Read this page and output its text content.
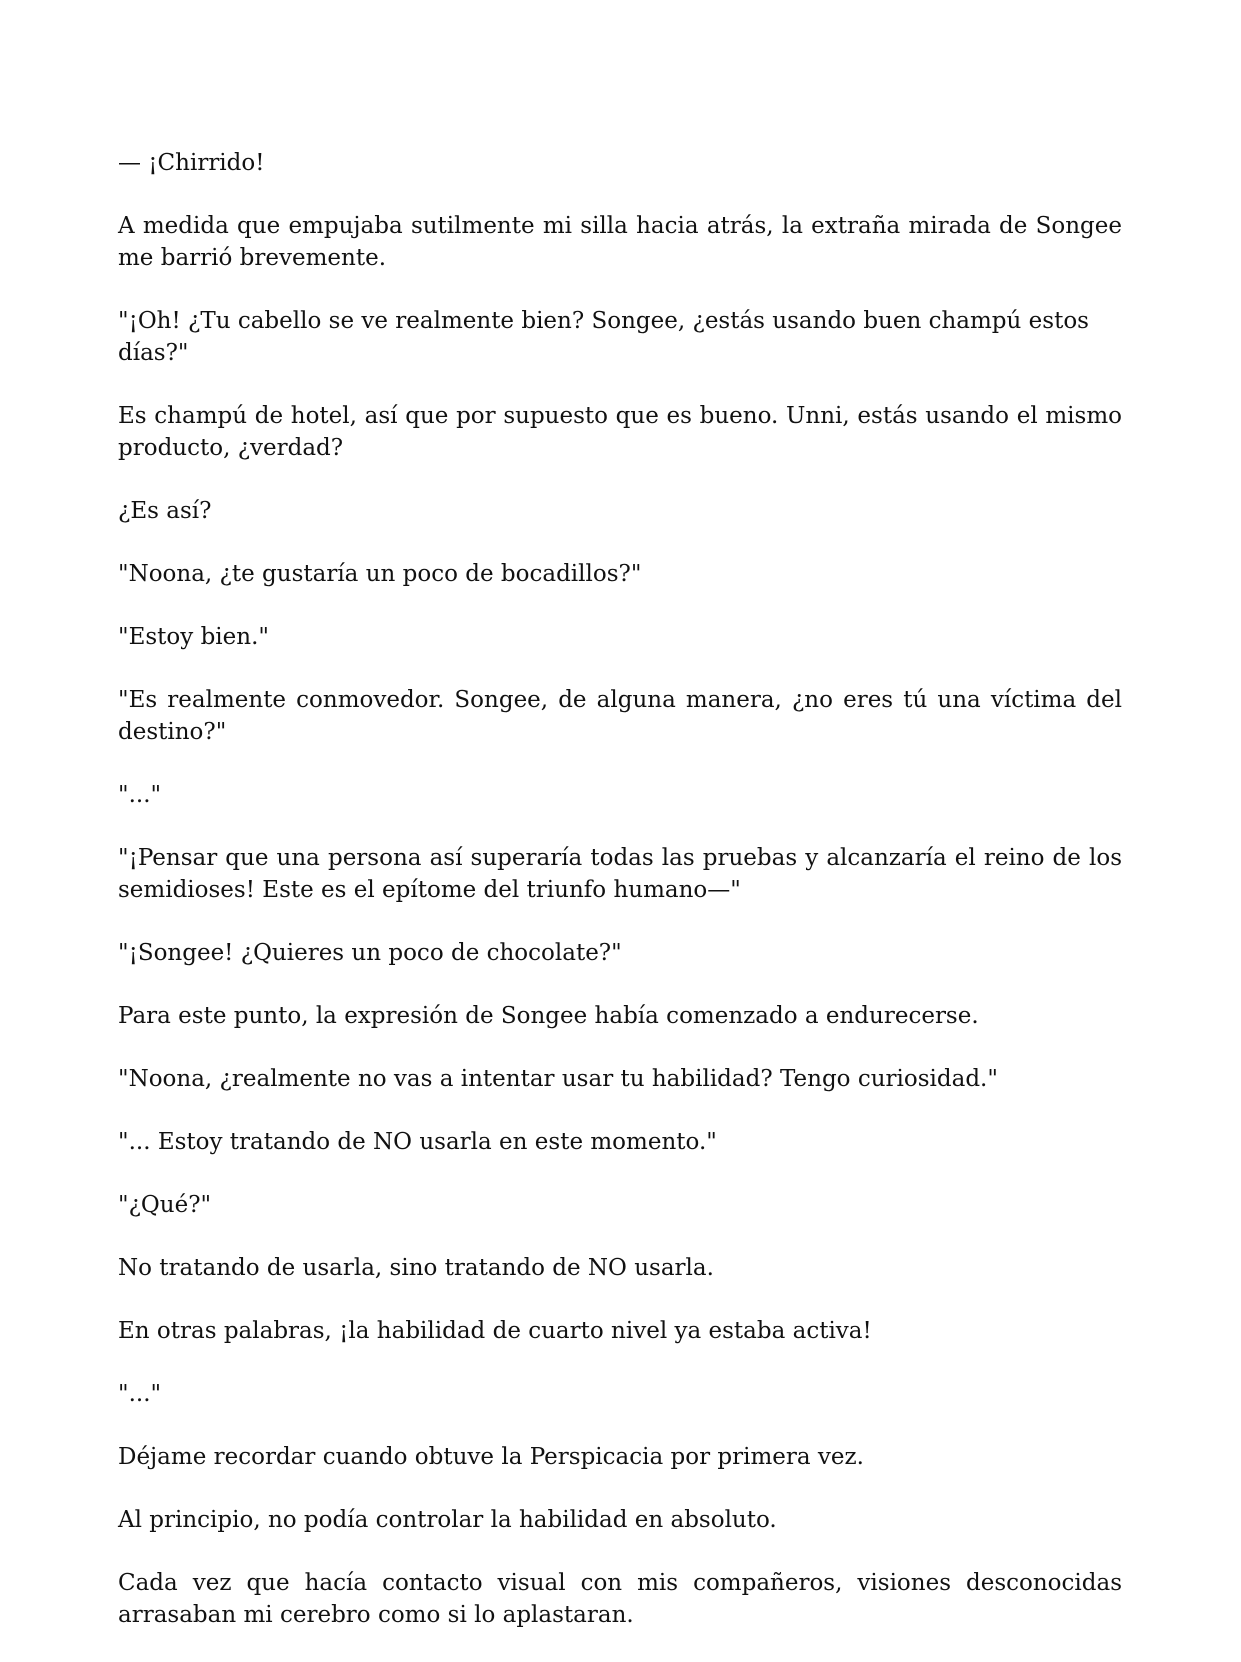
— ¡Chirrido!

A medida que empujaba sutilmente mi silla hacia atrás, la extraña mirada de Songee me barrió brevemente.

"¡Oh! ¿Tu cabello se ve realmente bien? Songee, ¿estás usando buen champú estos días?"

Es champú de hotel, así que por supuesto que es bueno. Unni, estás usando el mismo producto, ¿verdad?

¿Es así?

"Noona, ¿te gustaría un poco de bocadillos?"

"Estoy bien."

"Es realmente conmovedor. Songee, de alguna manera, ¿no eres tú una víctima del destino?"

"..."

"¡Pensar que una persona así superaría todas las pruebas y alcanzaría el reino de los semidioses! Este es el epítome del triunfo humano—"

"¡Songee! ¿Quieres un poco de chocolate?"

Para este punto, la expresión de Songee había comenzado a endurecerse.

"Noona, ¿realmente no vas a intentar usar tu habilidad? Tengo curiosidad."

"... Estoy tratando de NO usarla en este momento."

"¿Qué?"

No tratando de usarla, sino tratando de NO usarla.

En otras palabras, ¡la habilidad de cuarto nivel ya estaba activa!

"..."

Déjame recordar cuando obtuve la Perspicacia por primera vez.

Al principio, no podía controlar la habilidad en absoluto.

Cada vez que hacía contacto visual con mis compañeros, visiones desconocidas arrasaban mi cerebro como si lo aplastaran.
